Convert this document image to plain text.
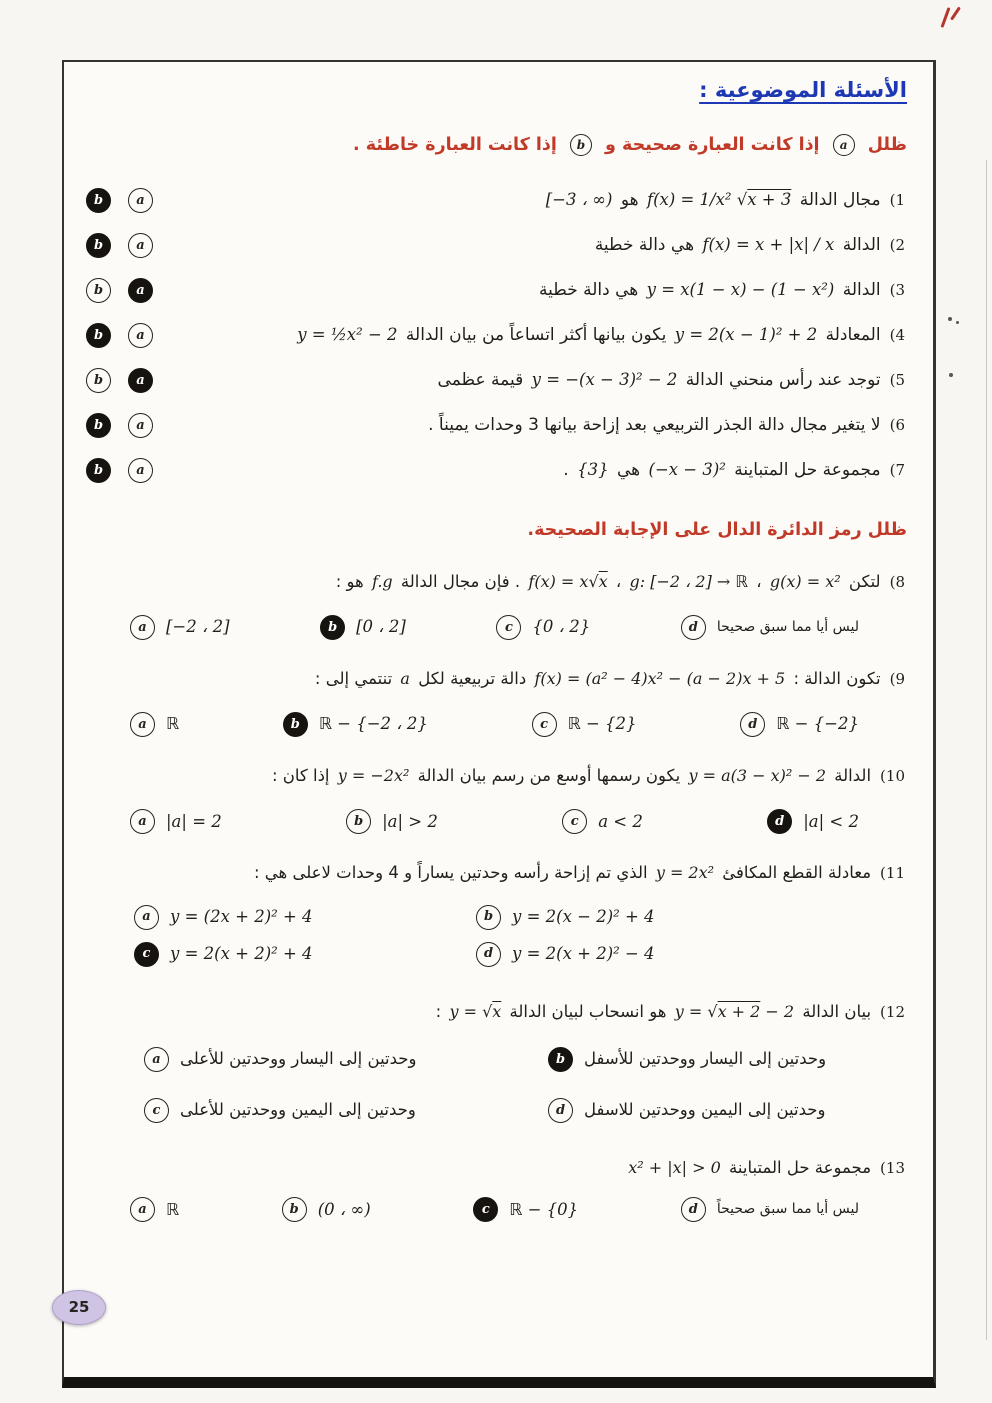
الأسئلة الموضوعية :
ظلل a إذا كانت العبارة صحيحة و b إذا كانت العبارة خاطئة .
b	a	(1مجال الدالة f(x) = 1/x² √x + 3 هو [−3 ، ∞)
b	a	(2الدالة f(x) = x + |x| / x هي دالة خطية
b	a	(3الدالة y = x(1 − x) − (1 − x²) هي دالة خطية
b	a	(4المعادلة y = 2(x − 1)² + 2 يكون بيانها أكثر اتساعاً من بيان الدالة y = ½x² − 2
b	a	(5توجد عند رأس منحني الدالة y = −(x − 3)² − 2 قيمة عظمى
b	a	(6لا يتغير مجال دالة الجذر التربيعي بعد إزاحة بيانها 3 وحدات يميناً .
b	a	(7مجموعة حل المتباينة (−x − 3)² هي {3} .
ظلل رمز الدائرة الدال على الإجابة الصحيحة.
(8لتكن g(x) = x² ، g: [−2 ، 2] → ℝ ، f(x) = x√x . فإن مجال الدالة f.g هو :
a	[−2 ، 2]	b	[0 ، 2]	c	{0 ، 2}	d	ليس أيا مما سبق صحيحا
(9تكون الدالة : f(x) = (a² − 4)x² − (a − 2)x + 5 دالة تربيعية لكل a تنتمي إلى :
a	ℝ	b	ℝ − {−2 ، 2}	c	ℝ − {2}	d	ℝ − {−2}
(10الدالة y = a(3 − x)² − 2 يكون رسمها أوسع من رسم بيان الدالة y = −2x² إذا كان :
a	|a| = 2	b	|a| > 2	c	a < 2	d	|a| < 2
(11معادلة القطع المكافئ y = 2x² الذي تم إزاحة رأسه وحدتين يساراً و 4 وحدات لاعلى هي :
a	y = (2x + 2)² + 4	b	y = 2(x − 2)² + 4
c	y = 2(x + 2)² + 4	d	y = 2(x + 2)² − 4
(12بيان الدالة y = √x + 2 − 2 هو انسحاب لبيان الدالة y = √x :
a	وحدتين إلى اليسار ووحدتين للأعلى	b	وحدتين إلى اليسار ووحدتين للأسفل
c	وحدتين إلى اليمين ووحدتين للأعلى	d	وحدتين إلى اليمين ووحدتين للاسفل
(13مجموعة حل المتباينة x² + |x| > 0
a	ℝ	b	(0 ، ∞)	c	ℝ − {0}	d	ليس أيا مما سبق صحيحاً
25
